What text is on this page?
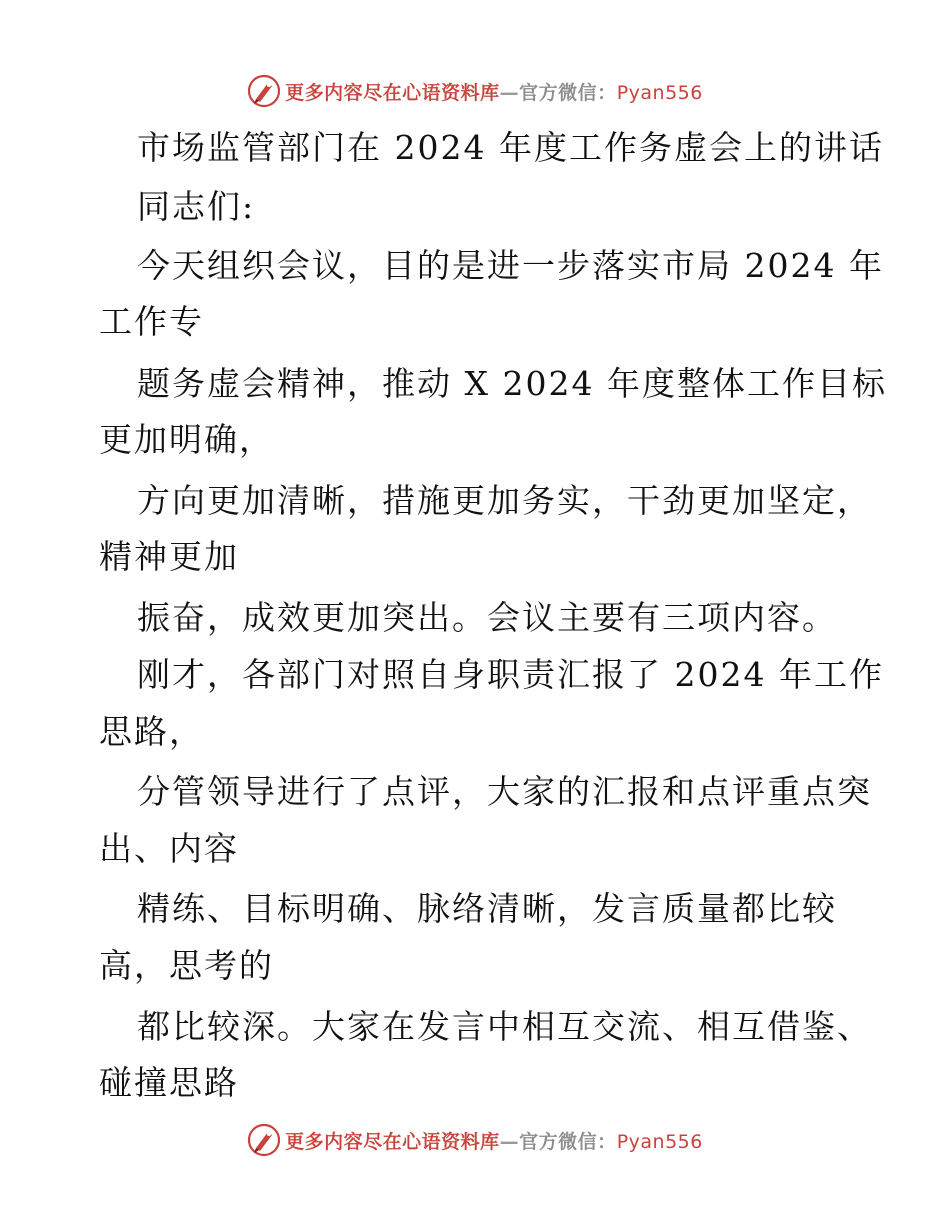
更多内容尽在心语资料库—官方微信：Pyan556
市场监管部门在 2024 年度工作务虚会上的讲话
同志们:
今天组织会议，目的是进一步落实市局 2024 年
工作专
题务虚会精神，推动 X 2024 年度整体工作目标
更加明确，
方向更加清晰，措施更加务实，干劲更加坚定，
精神更加
振奋，成效更加突出。会议主要有三项内容。
刚才，各部门对照自身职责汇报了 2024 年工作
思路，
分管领导进行了点评，大家的汇报和点评重点突
出、内容
精练、目标明确、脉络清晰，发言质量都比较
高，思考的
都比较深。大家在发言中相互交流、相互借鉴、
碰撞思路
更多内容尽在心语资料库—官方微信：Pyan556
